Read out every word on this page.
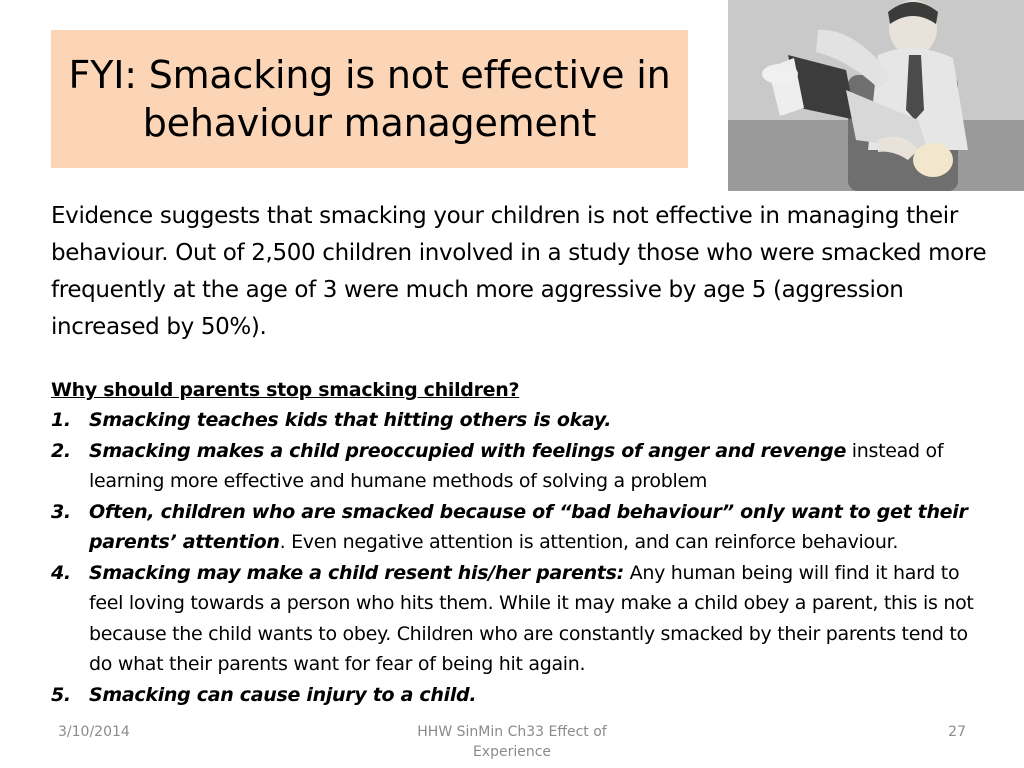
FYI: Smacking is not effective in behaviour management

Evidence suggests that smacking your children is not effective in managing their behaviour. Out of 2,500 children involved in a study those who were smacked more frequently at the age of 3 were much more aggressive by age 5 (aggression increased by 50%).

Why should parents stop smacking children?
1. Smacking teaches kids that hitting others is okay.
2. Smacking makes a child preoccupied with feelings of anger and revenge instead of learning more effective and humane methods of solving a problem
3. Often, children who are smacked because of “bad behaviour” only want to get their parents’ attention. Even negative attention is attention, and can reinforce behaviour.
4. Smacking may make a child resent his/her parents: Any human being will find it hard to feel loving towards a person who hits them. While it may make a child obey a parent, this is not because the child wants to obey. Children who are constantly smacked by their parents tend to do what their parents want for fear of being hit again.
5. Smacking can cause injury to a child.
3/10/2014	HHW SinMin Ch33 Effect of Experience
27
